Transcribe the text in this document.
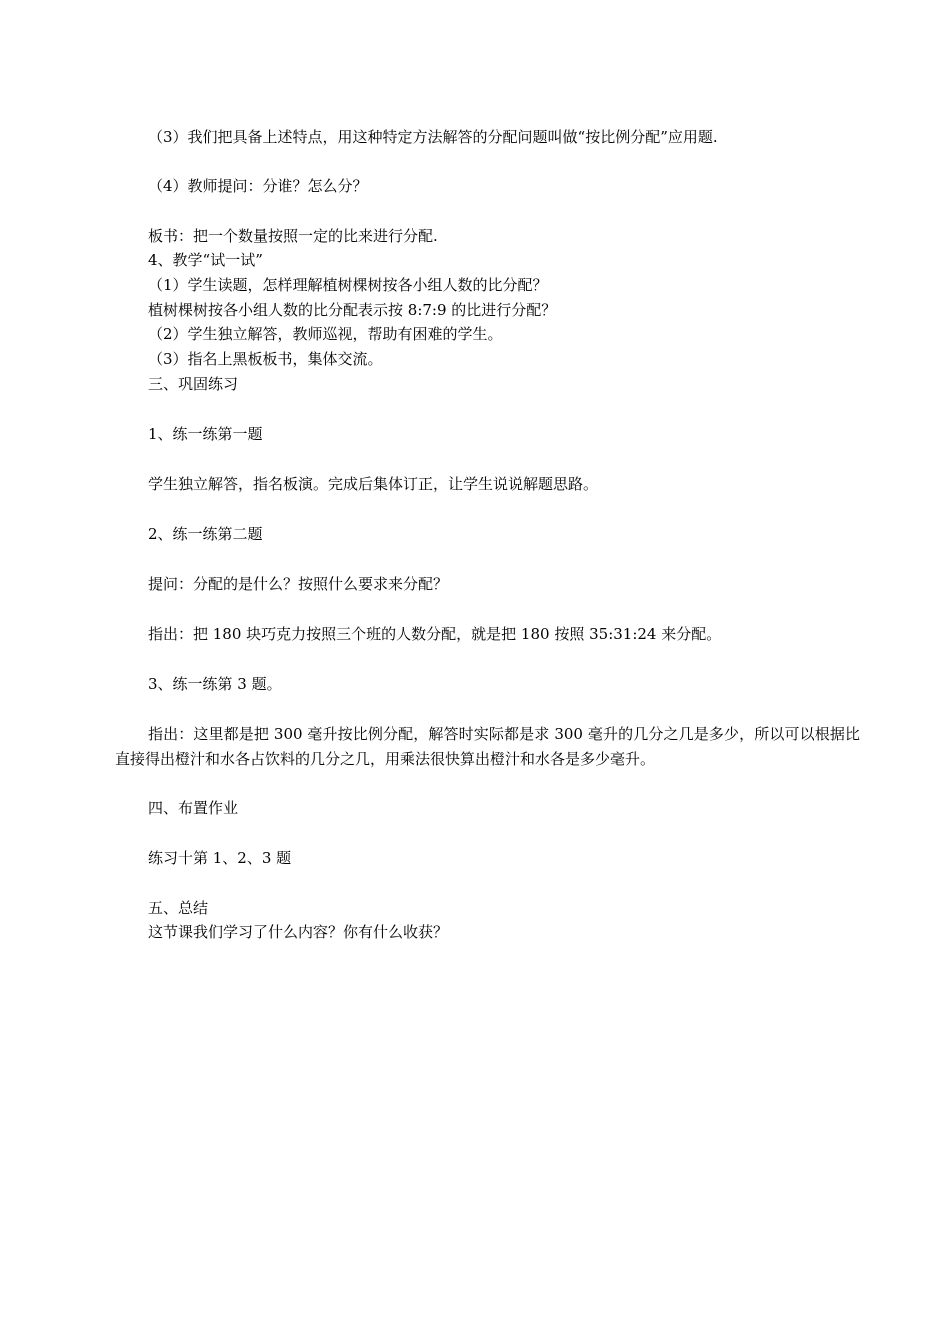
（3）我们把具备上述特点，用这种特定方法解答的分配问题叫做“按比例分配”应用题.
（4）教师提问：分谁？怎么分？
板书：把一个数量按照一定的比来进行分配.
4、教学“试一试”
（1）学生读题，怎样理解植树棵树按各小组人数的比分配？
植树棵树按各小组人数的比分配表示按 8:7:9 的比进行分配？
（2）学生独立解答，教师巡视，帮助有困难的学生。
（3）指名上黑板板书，集体交流。
三、巩固练习
1、练一练第一题
学生独立解答，指名板演。完成后集体订正，让学生说说解题思路。
2、练一练第二题
提问：分配的是什么？按照什么要求来分配？
指出：把 180 块巧克力按照三个班的人数分配，就是把 180 按照 35:31:24 来分配。
3、练一练第 3 题。
指出：这里都是把 300 毫升按比例分配，解答时实际都是求 300 毫升的几分之几是多少，所以可以根据比直接得出橙汁和水各占饮料的几分之几，用乘法很快算出橙汁和水各是多少毫升。
四、布置作业
练习十第 1、2、3 题
五、总结
这节课我们学习了什么内容？你有什么收获？
